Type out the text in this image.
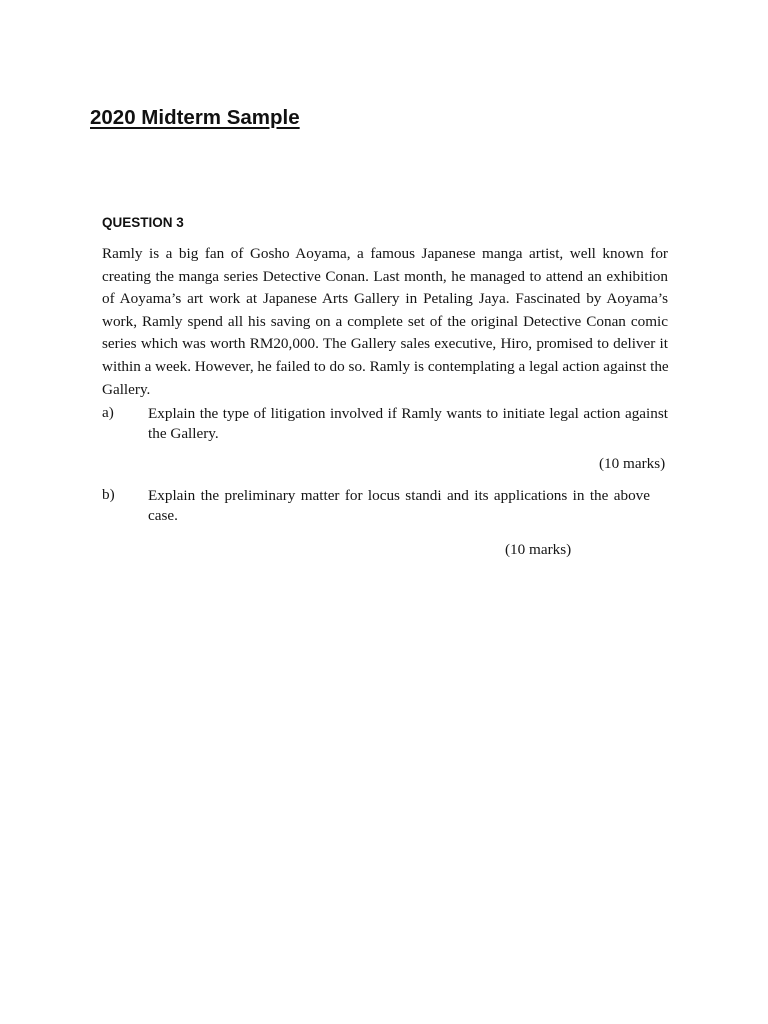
2020 Midterm Sample
QUESTION 3
Ramly is a big fan of Gosho Aoyama, a famous Japanese manga artist, well known for
creating the manga series Detective Conan. Last month, he managed to attend an exhibition
of Aoyama’s art work at Japanese Arts Gallery in Petaling Jaya. Fascinated by Aoyama’s
work, Ramly spend all his saving on a complete set of the original Detective Conan comic
series which was worth RM20,000. The Gallery sales executive, Hiro, promised to deliver it
within a week. However, he failed to do so. Ramly is contemplating a legal action against the
Gallery.
a) Explain the type of litigation involved if Ramly wants to initiate legal action against
the Gallery.
(10 marks)
b) Explain the preliminary matter for locus standi and its applications in the above
case.
(10 marks)
